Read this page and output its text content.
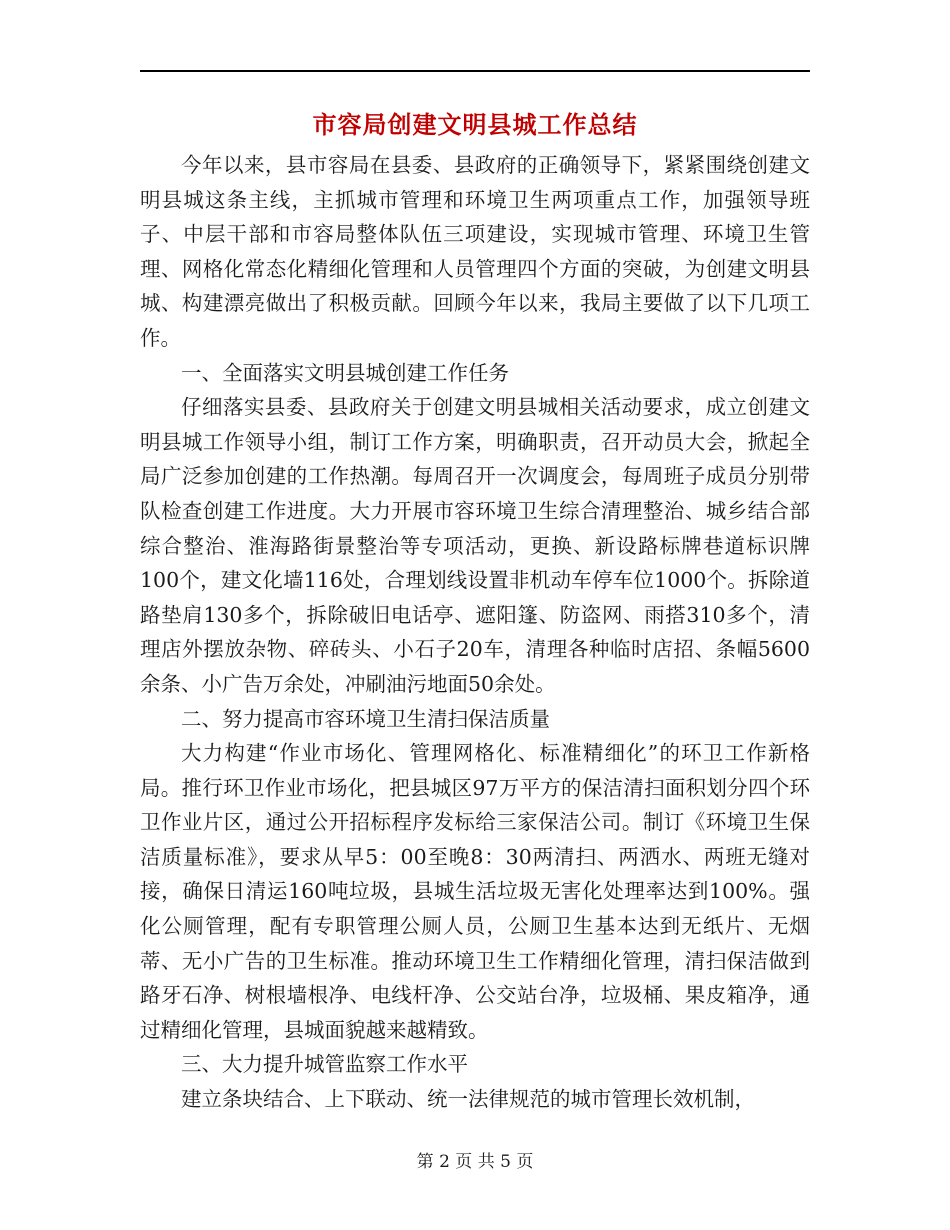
市容局创建文明县城工作总结

今年以来，县市容局在县委、县政府的正确领导下，紧紧围绕创建文明县城这条主线，主抓城市管理和环境卫生两项重点工作，加强领导班子、中层干部和市容局整体队伍三项建设，实现城市管理、环境卫生管理、网格化常态化精细化管理和人员管理四个方面的突破，为创建文明县城、构建漂亮做出了积极贡献。回顾今年以来，我局主要做了以下几项工作。

一、全面落实文明县城创建工作任务

仔细落实县委、县政府关于创建文明县城相关活动要求，成立创建文明县城工作领导小组，制订工作方案，明确职责，召开动员大会，掀起全局广泛参加创建的工作热潮。每周召开一次调度会，每周班子成员分别带队检查创建工作进度。大力开展市容环境卫生综合清理整治、城乡结合部综合整治、淮海路街景整治等专项活动，更换、新设路标牌巷道标识牌100个，建文化墙116处，合理划线设置非机动车停车位1000个。拆除道路垫肩130多个，拆除破旧电话亭、遮阳篷、防盗网、雨搭310多个，清理店外摆放杂物、碎砖头、小石子20车，清理各种临时店招、条幅5600余条、小广告万余处，冲刷油污地面50余处。

二、努力提高市容环境卫生清扫保洁质量

大力构建“作业市场化、管理网格化、标准精细化”的环卫工作新格局。推行环卫作业市场化，把县城区97万平方的保洁清扫面积划分四个环卫作业片区，通过公开招标程序发标给三家保洁公司。制订《环境卫生保洁质量标准》，要求从早5：00至晚8：30两清扫、两洒水、两班无缝对接，确保日清运160吨垃圾，县城生活垃圾无害化处理率达到100%。强化公厕管理，配有专职管理公厕人员，公厕卫生基本达到无纸片、无烟蒂、无小广告的卫生标准。推动环境卫生工作精细化管理，清扫保洁做到路牙石净、树根墙根净、电线杆净、公交站台净，垃圾桶、果皮箱净，通过精细化管理，县城面貌越来越精致。

三、大力提升城管监察工作水平

建立条块结合、上下联动、统一法律规范的城市管理长效机制，

第 2 页 共 5 页
